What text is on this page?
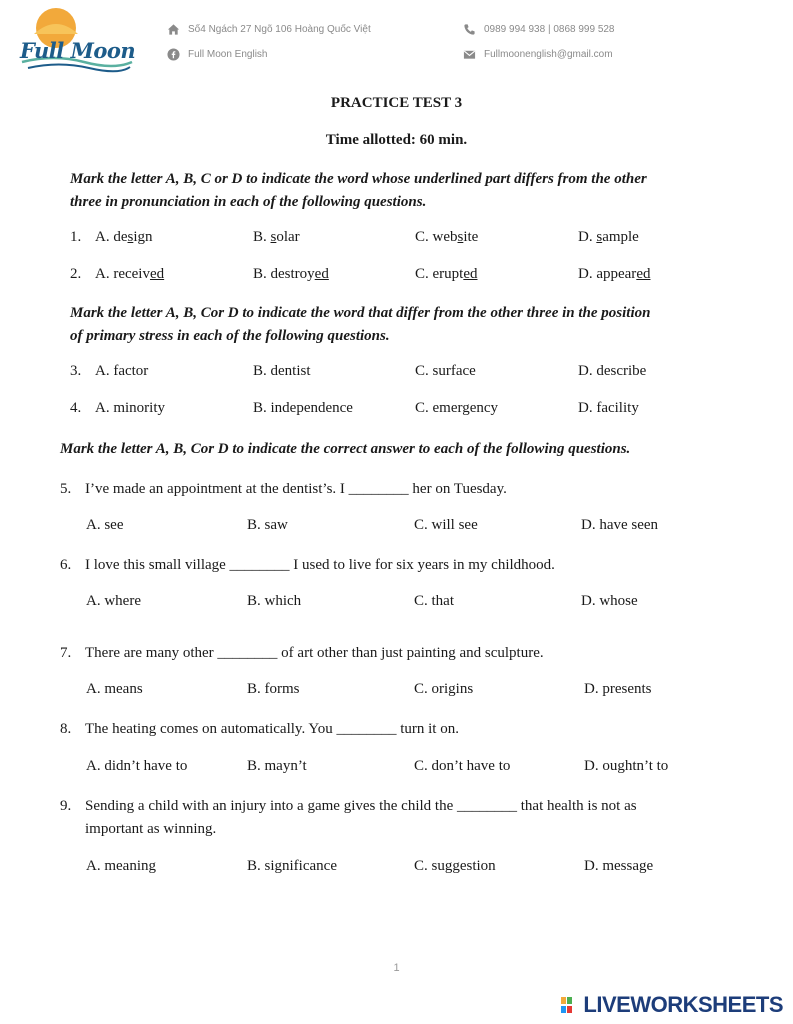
Full Moon
Số4 Ngách 27 Ngõ 106 Hoàng Quốc Việt
Full Moon English
0989 994 938 | 0868 999 528
Fullmoonenglish@gmail.com
PRACTICE TEST 3
Time allotted: 60 min.
Mark the letter A, B, C or D to indicate the word whose underlined part differs from the other
three in pronunciation in each of the following questions.
1. A. design	B. solar	C. website	D. sample
2. A. received	B. destroyed	C. erupted	D. appeared
Mark the letter A, B, Cor D to indicate the word that differ from the other three in the position
of primary stress in each of the following questions.
3. A. factor	B. dentist	C. surface	D. describe
4. A. minority	B. independence	C. emergency	D. facility
Mark the letter A, B, Cor D to indicate the correct answer to each of the following questions.
5. I’ve made an appointment at the dentist’s. I ________ her on Tuesday.
A. see	B. saw	C. will see	D. have seen
6. I love this small village ________ I used to live for six years in my childhood.
A. where	B. which	C. that	D. whose
7. There are many other ________ of art other than just painting and sculpture.
A. means	B. forms	C. origins	D. presents
8. The heating comes on automatically. You ________ turn it on.
A. didn’t have to	B. mayn’t	C. don’t have to	D. oughtn’t to
9. Sending a child with an injury into a game gives the child the ________ that health is not as
important as winning.
A. meaning	B. significance	C. suggestion	D. message
1
LIVEWORKSHEETS
